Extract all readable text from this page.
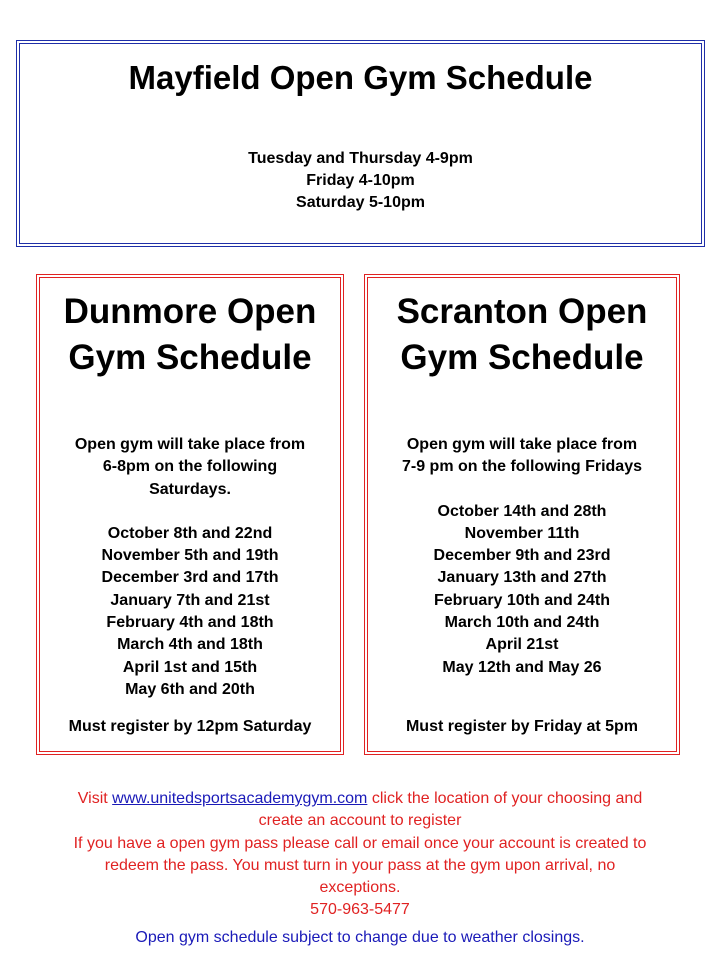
Mayfield Open Gym Schedule
Tuesday and Thursday 4-9pm
Friday 4-10pm
Saturday 5-10pm
Dunmore Open
Gym Schedule
Open gym will take place from
6-8pm on the following
Saturdays.
October 8th and 22nd
November 5th and 19th
December 3rd and 17th
January 7th and 21st
February 4th and 18th
March 4th and 18th
April 1st and 15th
May 6th and 20th
Must register by 12pm Saturday
Scranton Open
Gym Schedule
Open gym will take place from
7-9 pm on the following Fridays
October 14th and 28th
November 11th
December 9th and 23rd
January 13th and 27th
February 10th and 24th
March 10th and 24th
April 21st
May 12th and May 26
Must register by Friday at 5pm
Visit www.unitedsportsacademygym.com click the location of your choosing and
create an account to register
If you have a open gym pass please call or email once your account is created to
redeem the pass. You must turn in your pass at the gym upon arrival, no
exceptions.
570-963-5477
Open gym schedule subject to change due to weather closings.
